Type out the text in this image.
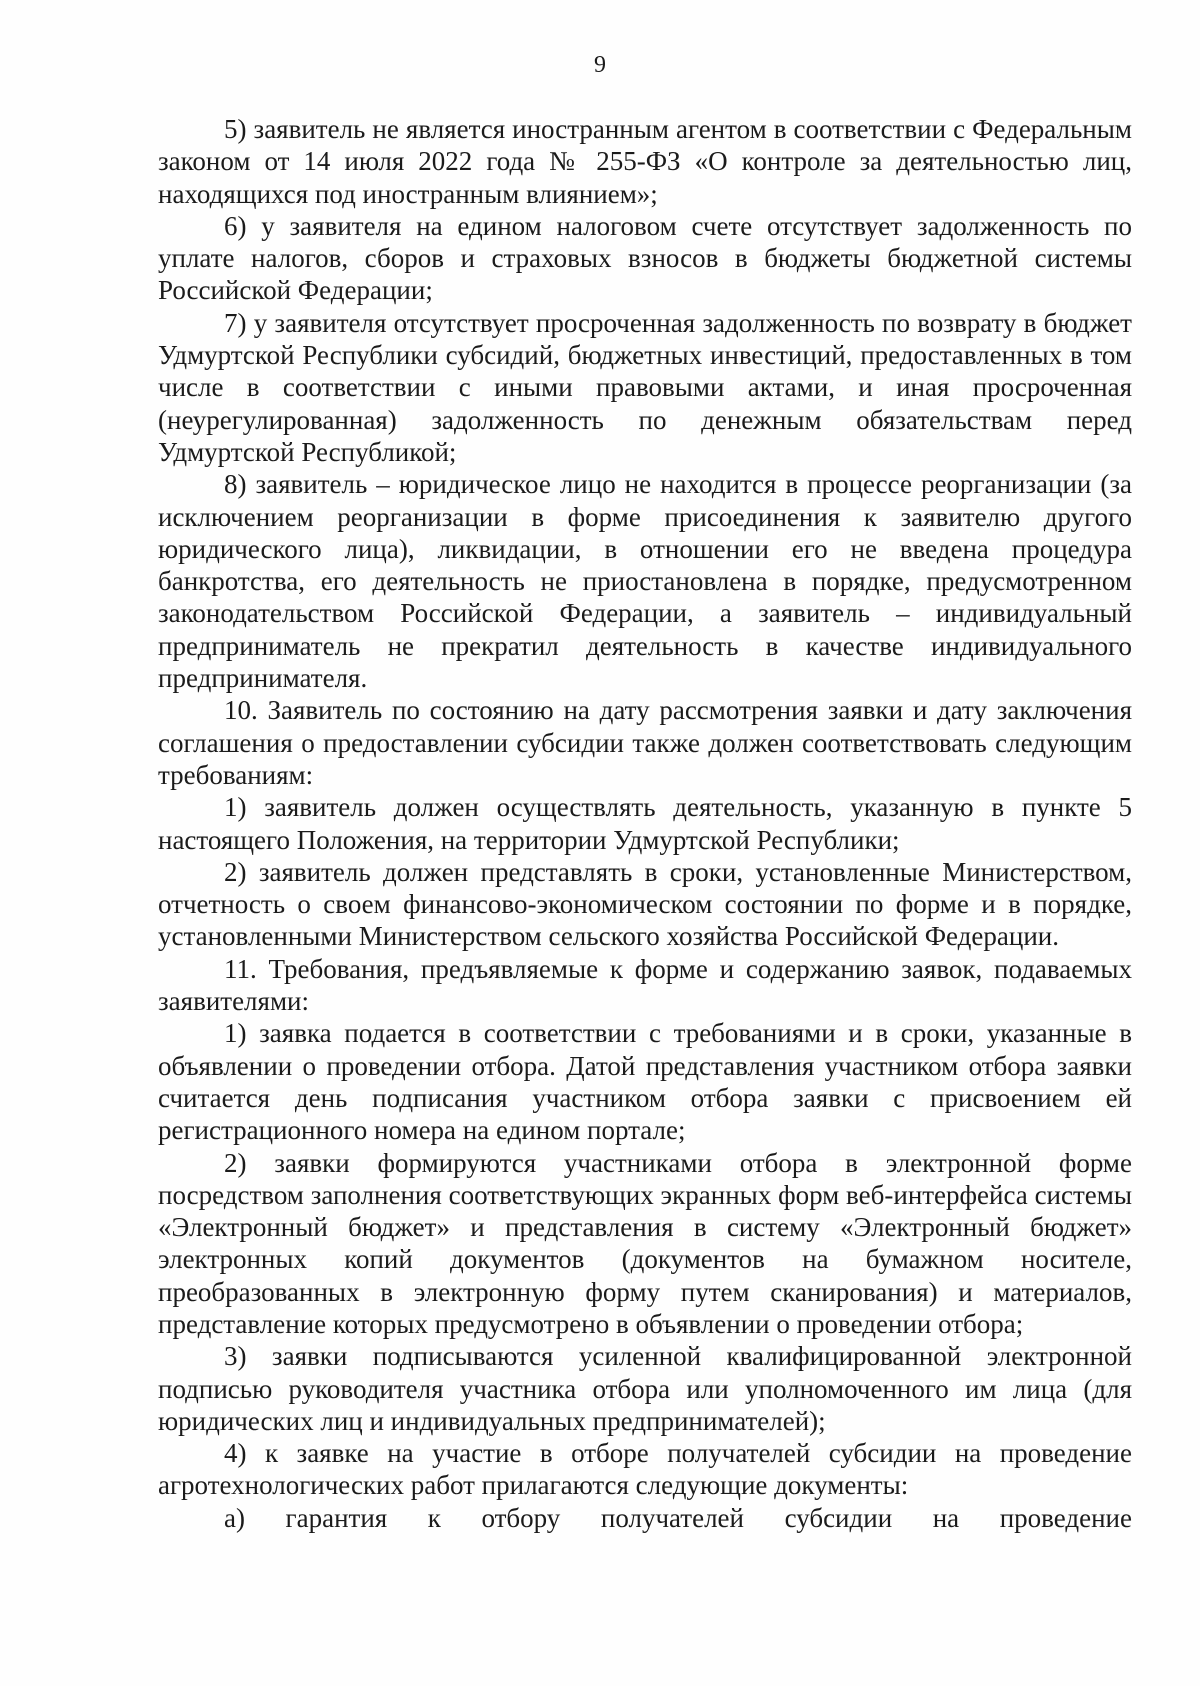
9

5) заявитель не является иностранным агентом в соответствии с Федеральным законом от 14 июля 2022 года № 255-ФЗ «О контроле за деятельностью лиц, находящихся под иностранным влиянием»;

6) у заявителя на едином налоговом счете отсутствует задолженность по уплате налогов, сборов и страховых взносов в бюджеты бюджетной системы Российской Федерации;

7) у заявителя отсутствует просроченная задолженность по возврату в бюджет Удмуртской Республики субсидий, бюджетных инвестиций, предоставленных в том числе в соответствии с иными правовыми актами, и иная просроченная (неурегулированная) задолженность по денежным обязательствам перед Удмуртской Республикой;

8) заявитель – юридическое лицо не находится в процессе реорганизации (за исключением реорганизации в форме присоединения к заявителю другого юридического лица), ликвидации, в отношении его не введена процедура банкротства, его деятельность не приостановлена в порядке, предусмотренном законодательством Российской Федерации, а заявитель – индивидуальный предприниматель не прекратил деятельность в качестве индивидуального предпринимателя.

10. Заявитель по состоянию на дату рассмотрения заявки и дату заключения соглашения о предоставлении субсидии также должен соответствовать следующим требованиям:

1) заявитель должен осуществлять деятельность, указанную в пункте 5 настоящего Положения, на территории Удмуртской Республики;

2) заявитель должен представлять в сроки, установленные Министерством, отчетность о своем финансово-экономическом состоянии по форме и в порядке, установленными Министерством сельского хозяйства Российской Федерации.

11. Требования, предъявляемые к форме и содержанию заявок, подаваемых заявителями:

1) заявка подается в соответствии с требованиями и в сроки, указанные в объявлении о проведении отбора. Датой представления участником отбора заявки считается день подписания участником отбора заявки с присвоением ей регистрационного номера на едином портале;

2) заявки формируются участниками отбора в электронной форме посредством заполнения соответствующих экранных форм веб-интерфейса системы «Электронный бюджет» и представления в систему «Электронный бюджет» электронных копий документов (документов на бумажном носителе, преобразованных в электронную форму путем сканирования) и материалов, представление которых предусмотрено в объявлении о проведении отбора;

3) заявки подписываются усиленной квалифицированной электронной подписью руководителя участника отбора или уполномоченного им лица (для юридических лиц и индивидуальных предпринимателей);

4) к заявке на участие в отборе получателей субсидии на проведение агротехнологических работ прилагаются следующие документы:

а) гарантия к отбору получателей субсидии на проведение
